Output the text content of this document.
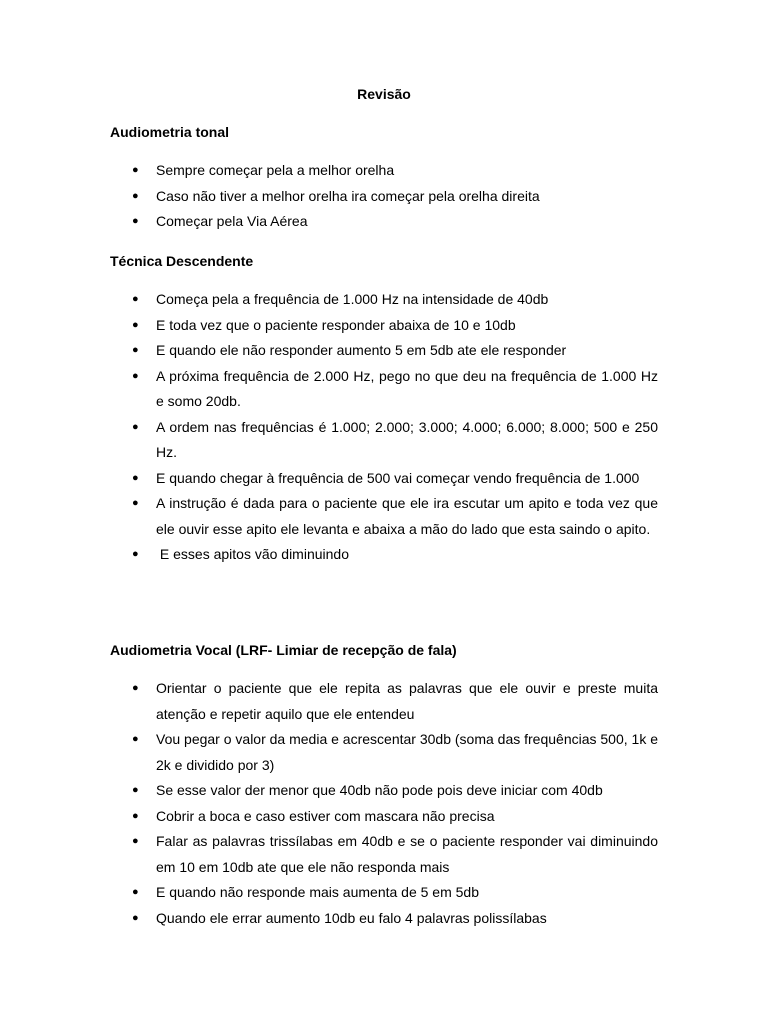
Revisão
Audiometria tonal
● Sempre começar pela a melhor orelha
● Caso não tiver a melhor orelha ira começar pela orelha direita
● Começar pela Via Aérea
Técnica Descendente
● Começa pela a frequência de 1.000 Hz na intensidade de 40db
● E toda vez que o paciente responder abaixa de 10 e 10db
● E quando ele não responder aumento 5 em 5db ate ele responder
● A próxima frequência de 2.000 Hz, pego no que deu na frequência de 1.000 Hz e somo 20db.
● A ordem nas frequências é 1.000; 2.000; 3.000; 4.000; 6.000; 8.000; 500 e 250 Hz.
● E quando chegar à frequência de 500 vai começar vendo frequência de 1.000
● A instrução é dada para o paciente que ele ira escutar um apito e toda vez que ele ouvir esse apito ele levanta e abaixa a mão do lado que esta saindo o apito.
● E esses apitos vão diminuindo
Audiometria Vocal (LRF- Limiar de recepção de fala)
● Orientar o paciente que ele repita as palavras que ele ouvir e preste muita atenção e repetir aquilo que ele entendeu
● Vou pegar o valor da media e acrescentar 30db (soma das frequências 500, 1k e 2k e dividido por 3)
● Se esse valor der menor que 40db não pode pois deve iniciar com 40db
● Cobrir a boca e caso estiver com mascara não precisa
● Falar as palavras trissílabas em 40db e se o paciente responder vai diminuindo em 10 em 10db ate que ele não responda mais
● E quando não responde mais aumenta de 5 em 5db
● Quando ele errar aumento 10db eu falo 4 palavras polissílabas
